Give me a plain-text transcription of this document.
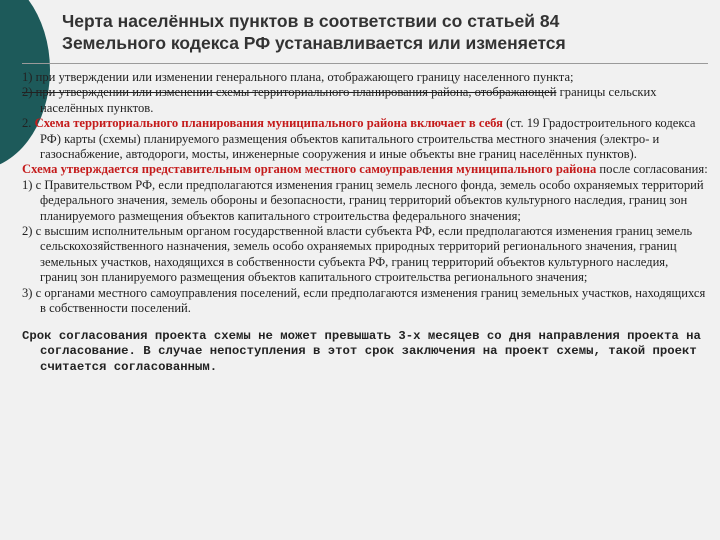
Черта населённых пунктов в соответствии со статьей 84
Земельного кодекса РФ устанавливается или изменяется

1) при утверждении или изменении генерального плана, отображающего границу населенного пункта;

2) при утверждении или изменении схемы территориального планирования района, отображающей границы сельских населённых пунктов.

2. Схема территориального планирования муниципального района включает в себя (ст. 19 Градостроительного кодекса РФ) карты (схемы) планируемого размещения объектов капитального строительства местного значения (электро- и газоснабжение, автодороги, мосты, инженерные сооружения и иные объекты вне границ населённых пунктов).

Схема утверждается представительным органом местного самоуправления муниципального района после согласования:

1) с Правительством РФ, если предполагаются изменения границ земель лесного фонда, земель особо охраняемых территорий федерального значения, земель обороны и безопасности, границ территорий объектов культурного наследия, границ зон планируемого размещения объектов капитального строительства федерального значения;

2) с высшим исполнительным органом государственной власти субъекта РФ, если предполагаются изменения границ земель сельскохозяйственного назначения, земель особо охраняемых природных территорий регионального значения, границ земельных участков, находящихся в собственности субъекта РФ, границ территорий объектов культурного наследия, границ зон планируемого размещения объектов капитального строительства регионального значения;

3) с органами местного самоуправления поселений, если предполагаются изменения границ земельных участков, находящихся в собственности поселений.

Срок согласования проекта схемы не может превышать 3-х месяцев со дня направления проекта на согласование. В случае непоступления в этот срок заключения на проект схемы, такой проект считается согласованным.
